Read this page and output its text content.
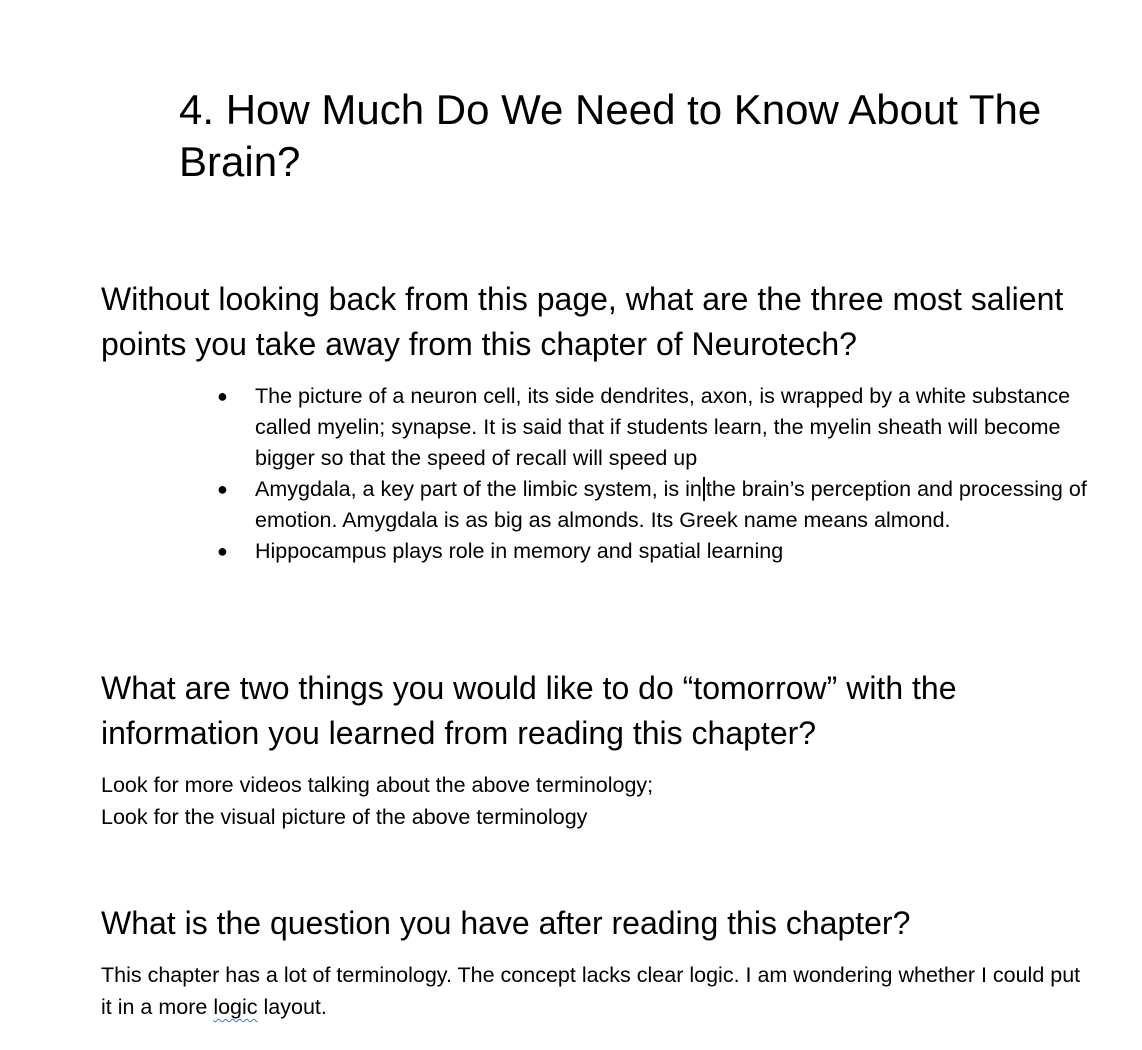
4. How Much Do We Need to Know About The Brain?
Without looking back from this page, what are the three most salient points you take away from this chapter of Neurotech?
● The picture of a neuron cell, its side dendrites, axon, is wrapped by a white substance called myelin; synapse. It is said that if students learn, the myelin sheath will become bigger so that the speed of recall will speed up
● Amygdala, a key part of the limbic system, is in the brain’s perception and processing of emotion. Amygdala is as big as almonds. Its Greek name means almond.
● Hippocampus plays role in memory and spatial learning
What are two things you would like to do “tomorrow” with the information you learned from reading this chapter?

Look for more videos talking about the above terminology;
Look for the visual picture of the above terminology

What is the question you have after reading this chapter?

This chapter has a lot of terminology. The concept lacks clear logic. I am wondering whether I could put it in a more logic layout.
